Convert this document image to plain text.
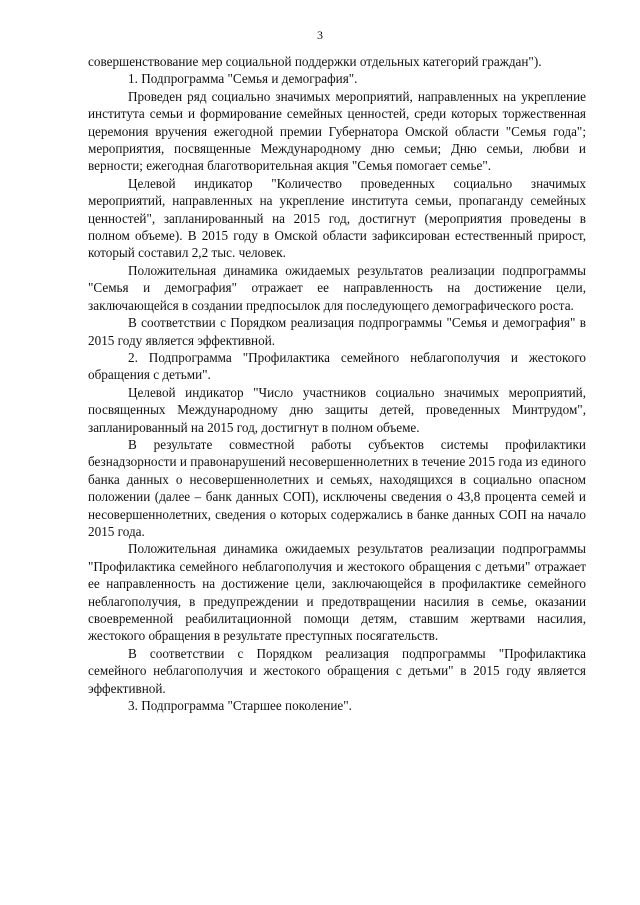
3

совершенствование мер социальной поддержки отдельных категорий граждан").

1. Подпрограмма "Семья и демография".

Проведен ряд социально значимых мероприятий, направленных на укрепление института семьи и формирование семейных ценностей, среди которых торжественная церемония вручения ежегодной премии Губернатора Омской области "Семья года"; мероприятия, посвященные Международному дню семьи; Дню семьи, любви и верности; ежегодная благотворительная акция "Семья помогает семье".

Целевой индикатор "Количество проведенных социально значимых мероприятий, направленных на укрепление института семьи, пропаганду семейных ценностей", запланированный на 2015 год, достигнут (мероприятия проведены в полном объеме). В 2015 году в Омской области зафиксирован естественный прирост, который составил 2,2 тыс. человек.

Положительная динамика ожидаемых результатов реализации подпрограммы "Семья и демография" отражает ее направленность на достижение цели, заключающейся в создании предпосылок для последующего демографического роста.

В соответствии с Порядком реализация подпрограммы "Семья и демография" в 2015 году является эффективной.

2. Подпрограмма "Профилактика семейного неблагополучия и жестокого обращения с детьми".

Целевой индикатор "Число участников социально значимых мероприятий, посвященных Международному дню защиты детей, проведенных Минтрудом", запланированный на 2015 год, достигнут в полном объеме.

В результате совместной работы субъектов системы профилактики безнадзорности и правонарушений несовершеннолетних в течение 2015 года из единого банка данных о несовершеннолетних и семьях, находящихся в социально опасном положении (далее – банк данных СОП), исключены сведения о 43,8 процента семей и несовершеннолетних, сведения о которых содержались в банке данных СОП на начало 2015 года.

Положительная динамика ожидаемых результатов реализации подпрограммы "Профилактика семейного неблагополучия и жестокого обращения с детьми" отражает ее направленность на достижение цели, заключающейся в профилактике семейного неблагополучия, в предупреждении и предотвращении насилия в семье, оказании своевременной реабилитационной помощи детям, ставшим жертвами насилия, жестокого обращения в результате преступных посягательств.

В соответствии с Порядком реализация подпрограммы "Профилактика семейного неблагополучия и жестокого обращения с детьми" в 2015 году является эффективной.

3. Подпрограмма "Старшее поколение".
